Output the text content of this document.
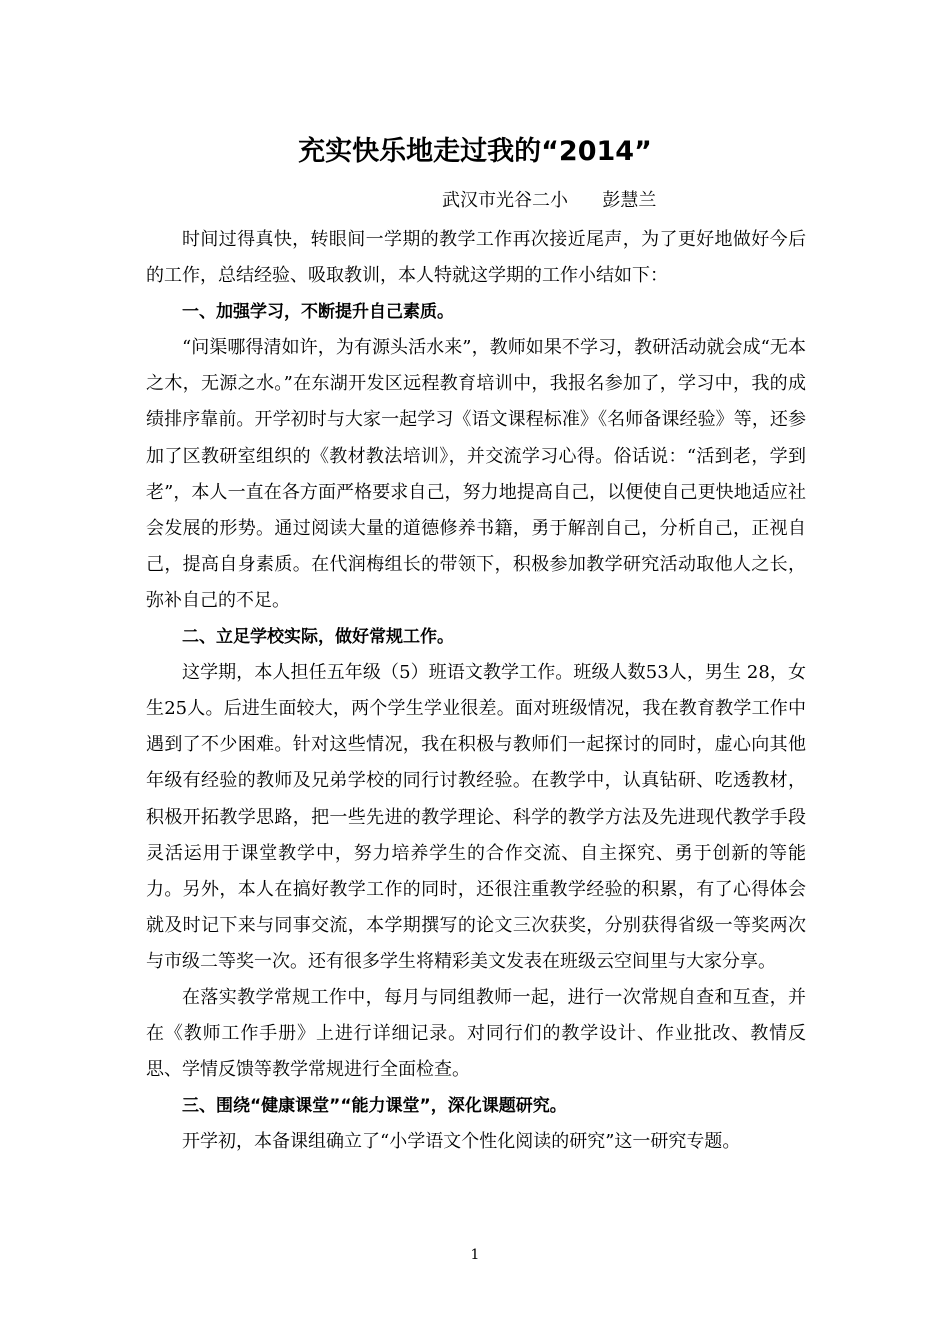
充实快乐地走过我的“2014”

武汉市光谷二小      彭慧兰

时间过得真快，转眼间一学期的教学工作再次接近尾声，为了更好地做好今后的工作，总结经验、吸取教训，本人特就这学期的工作小结如下：

一、加强学习，不断提升自己素质。

“问渠哪得清如许，为有源头活水来”，教师如果不学习，教研活动就会成“无本之木，无源之水。”在东湖开发区远程教育培训中，我报名参加了，学习中，我的成绩排序靠前。开学初时与大家一起学习《语文课程标准》《名师备课经验》等，还参加了区教研室组织的《教材教法培训》，并交流学习心得。俗话说：“活到老，学到老”，本人一直在各方面严格要求自己，努力地提高自己，以便使自己更快地适应社会发展的形势。通过阅读大量的道德修养书籍，勇于解剖自己，分析自己，正视自己，提高自身素质。在代润梅组长的带领下，积极参加教学研究活动取他人之长，弥补自己的不足。

二、立足学校实际，做好常规工作。

这学期，本人担任五年级（5）班语文教学工作。班级人数53人，男生 28，女生25人。后进生面较大，两个学生学业很差。面对班级情况，我在教育教学工作中遇到了不少困难。针对这些情况，我在积极与教师们一起探讨的同时，虚心向其他年级有经验的教师及兄弟学校的同行讨教经验。在教学中，认真钻研、吃透教材，积极开拓教学思路，把一些先进的教学理论、科学的教学方法及先进现代教学手段灵活运用于课堂教学中，努力培养学生的合作交流、自主探究、勇于创新的等能力。另外，本人在搞好教学工作的同时，还很注重教学经验的积累，有了心得体会就及时记下来与同事交流，本学期撰写的论文三次获奖，分别获得省级一等奖两次与市级二等奖一次。还有很多学生将精彩美文发表在班级云空间里与大家分享。

在落实教学常规工作中，每月与同组教师一起，进行一次常规自查和互查，并在《教师工作手册》上进行详细记录。对同行们的教学设计、作业批改、教情反思、学情反馈等教学常规进行全面检查。

三、围绕“健康课堂”“能力课堂”，深化课题研究。

开学初，本备课组确立了“小学语文个性化阅读的研究”这一研究专题。

1
